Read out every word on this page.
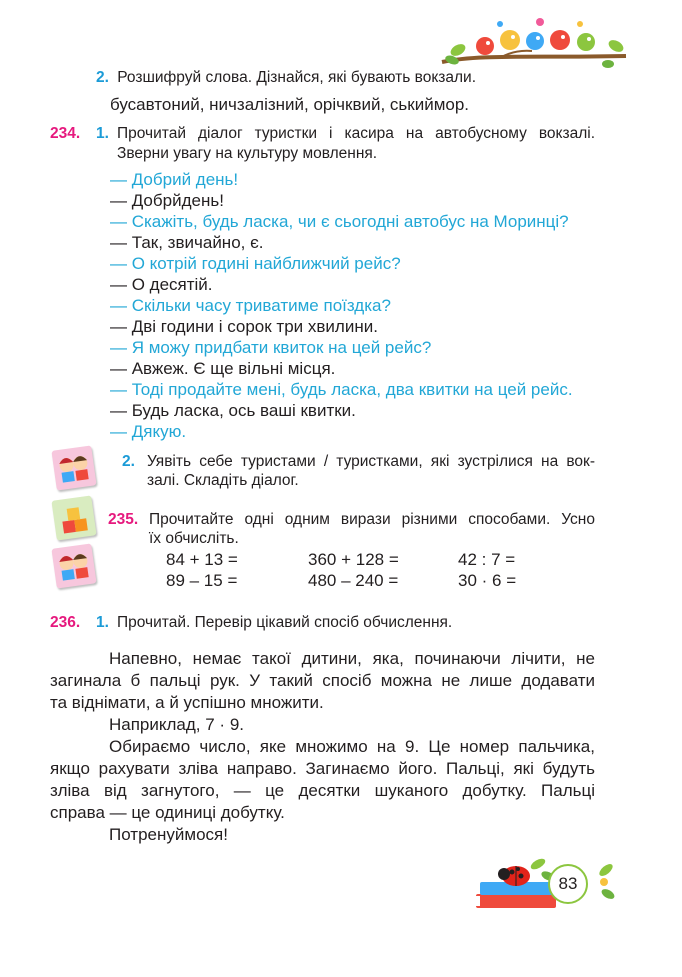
2. Розшифруй слова. Дізнайся, які бувають вокзали.
бусавтоний, ничзалізний, орічквий, ськиймор.
234. 1. Прочитай діалог туристки і касира на автобусному вокзалі.
Зверни увагу на культуру мовлення.
— Добрий день!
— Добрйдень!
— Скажіть, будь ласка, чи є сьогодні автобус на Моринці?
— Так, звичайно, є.
— О котрій годині найближчий рейс?
— О десятій.
— Скільки часу триватиме поїздка?
— Дві години і сорок три хвилини.
— Я можу придбати квиток на цей рейс?
— Авжеж. Є ще вільні місця.
— Тоді продайте мені, будь ласка, два квитки на цей рейс.
— Будь ласка, ось ваші квитки.
— Дякую.
2. Уявіть себе туристами / туристками, які зустрілися на вок-
залі. Складіть діалог.
235. Прочитайте одні одним вирази різними способами. Усно
їх обчисліть.
84 + 13 =	360 + 128 =	42 : 7 =
89 – 15 =	480 – 240 =	30 · 6 =
236. 1. Прочитай. Перевір цікавий спосіб обчислення.
Напевно, немає такої дитини, яка, починаючи лічити, не
загинала б пальці рук. У такий спосіб можна не лише додавати
та віднімати, а й успішно множити.
Наприклад, 7 · 9.
Обираємо число, яке множимо на 9. Це номер пальчика,
якщо рахувати зліва направо. Загинаємо його. Пальці, які будуть
зліва від загнутого, — це десятки шуканого добутку. Пальці
справа — це одиниці добутку.
Потренуймося!
83
